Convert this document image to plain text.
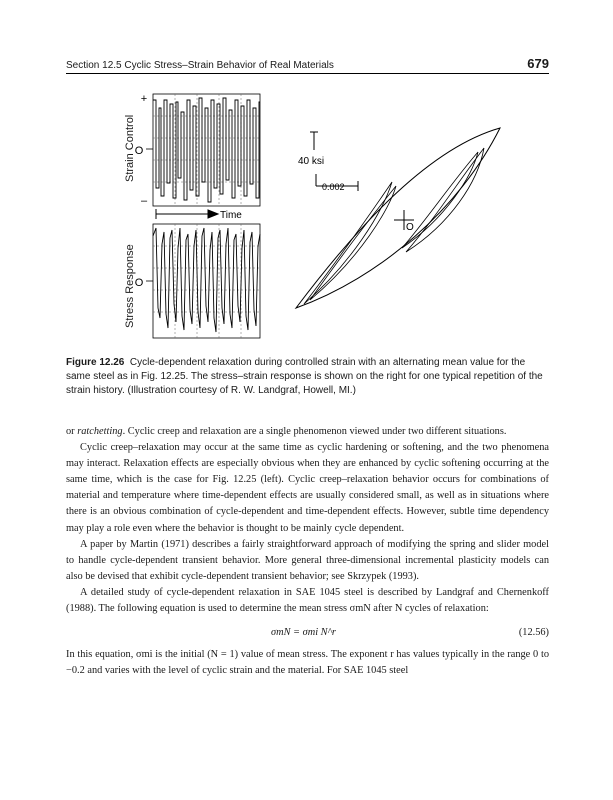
Section 12.5 Cyclic Stress–Strain Behavior of Real Materials	679
+
O
–
Time
O
40 ksi
0.002
O
Strain Control
Stress Response
Figure 12.26 Cycle-dependent relaxation during controlled strain with an alternating mean value for the same steel as in Fig. 12.25. The stress–strain response is shown on the right for one typical repetition of the strain history. (Illustration courtesy of R. W. Landgraf, Howell, MI.)

or ratchetting. Cyclic creep and relaxation are a single phenomenon viewed under two different situations.

Cyclic creep–relaxation may occur at the same time as cyclic hardening or softening, and the two phenomena may interact. Relaxation effects are especially obvious when they are enhanced by cyclic softening occurring at the same time, which is the case for Fig. 12.25 (left). Cyclic creep–relaxation behavior occurs for combinations of material and temperature where time-dependent effects are usually considered small, as well as in situations where there is an obvious combination of cycle-dependent and time-dependent effects. However, subtle time dependency may play a role even where the behavior is thought to be mainly cycle dependent.

A paper by Martin (1971) describes a fairly straightforward approach of modifying the spring and slider model to handle cycle-dependent transient behavior. More general three-dimensional incremental plasticity models can also be devised that exhibit cycle-dependent transient behavior; see Skrzypek (1993).

A detailed study of cycle-dependent relaxation in SAE 1045 steel is described by Landgraf and Chernenkoff (1988). The following equation is used to determine the mean stress σmN after N cycles of relaxation:

σmN = σmi N^r	(12.56)

In this equation, σmi is the initial (N = 1) value of mean stress. The exponent r has values typically in the range 0 to −0.2 and varies with the level of cyclic strain and the material. For SAE 1045 steel
